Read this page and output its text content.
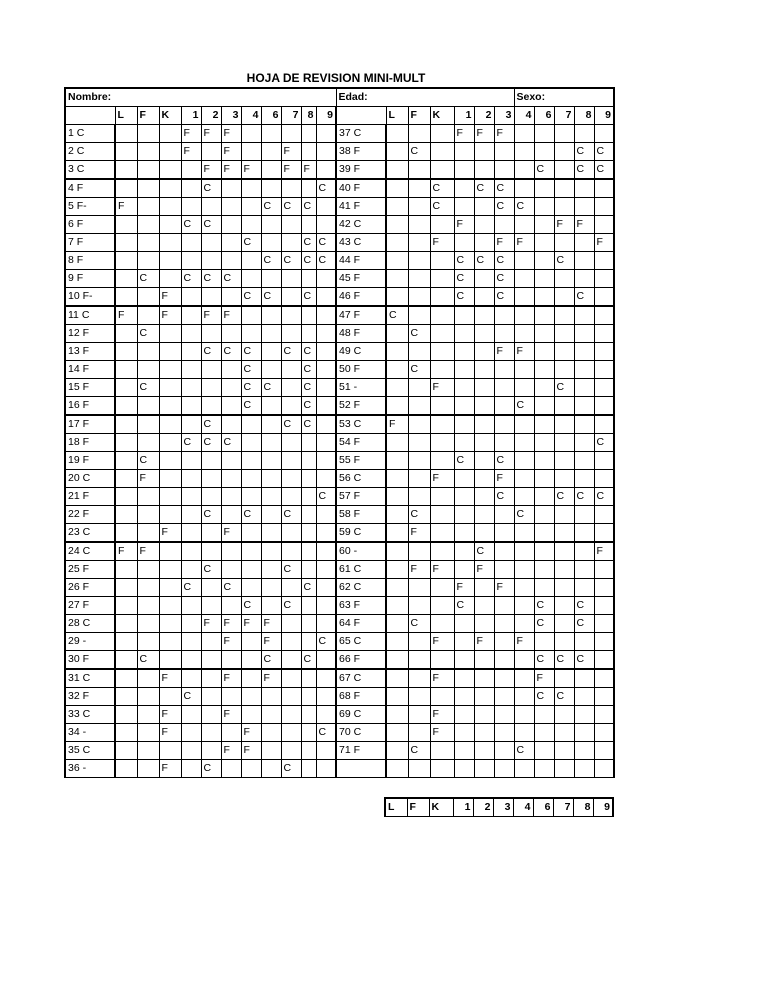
HOJA DE REVISION MINI-MULT
Nombre:												Edad:							Sexo:				
	L	F	K	1	2	3	4	6	7	8	9		L	F	K	1	2	3	4	6	7	8	9
1 C				F	F	F						37 C				F	F	F					
2 C				F		F			F			38 F		C								C	C
3 C					F	F	F		F	F		39 F								C		C	C
4 F					C						C	40 F			C		C	C					
5 F-	F							C	C	C		41 F			C			C	C				
6 F				C	C							42 C				F					F	F	
7 F							C			C	C	43 C			F			F	F				F
8 F								C	C	C	C	44 F				C	C	C			C		
9 F		C		C	C	C						45 F				C		C					
10 F-			F				C	C		C		46 F				C		C				C	
11 C	F		F		F	F						47 F	C										
12 F		C										48 F		C									
13 F					C	C	C		C	C		49 C						F	F				
14 F							C			C		50 F		C									
15 F		C					C	C		C		51 -			F						C		
16 F							C			C		52 F							C				
17 F					C				C	C		53 C	F										
18 F				C	C	C						54 F											C
19 F		C										55 F				C		C					
20 C		F										56 C			F			F					
21 F											C	57 F						C			C	C	C
22 F					C		C		C			58 F		C					C				
23 C			F			F						59 C		F									
24 C	F	F										60 -					C						F
25 F					C				C			61 C		F	F		F						
26 F				C		C				C		62 C				F		F					
27 F							C		C			63 F				C				C		C	
28 C					F	F	F	F				64 F		C						C		C	
29 -						F		F			C	65 C			F		F		F				
30 F		C						C		C		66 F								C	C	C	
31 C			F			F		F				67 C			F					F			
32 F				C								68 F								C	C		
33 C			F			F						69 C			F								
34 -			F				F				C	70 C			F								
35 C						F	F					71 F		C					C				
36 -			F		C				C														
L	F	K	1	2	3	4	6	7	8	9
